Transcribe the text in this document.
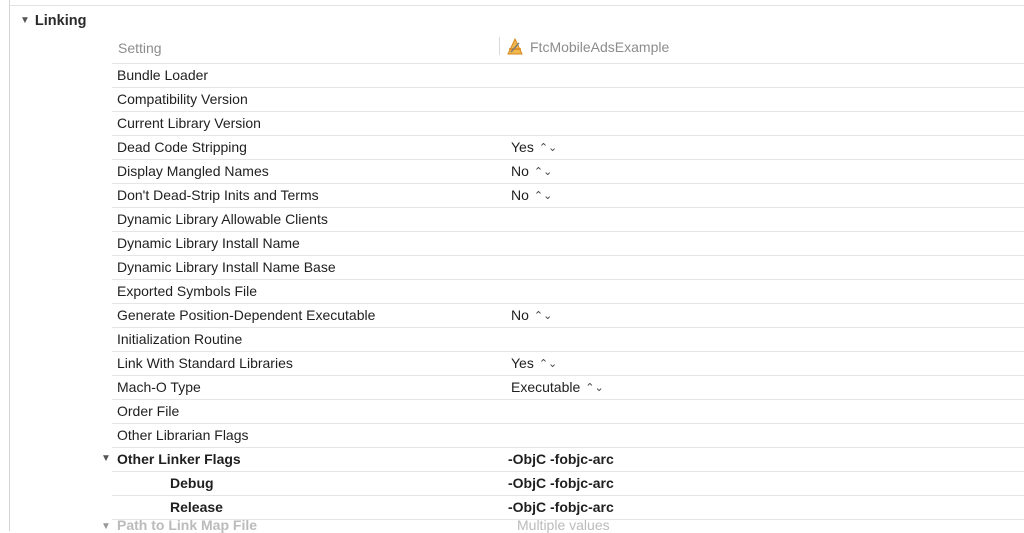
▼ Linking
Setting	FtcMobileAdsExample
Bundle Loader
Compatibility Version
Current Library Version
Dead Code Stripping	Yes ⌃⌄
Display Mangled Names	No ⌃⌄
Don't Dead-Strip Inits and Terms	No ⌃⌄
Dynamic Library Allowable Clients
Dynamic Library Install Name
Dynamic Library Install Name Base
Exported Symbols File
Generate Position-Dependent Executable	No ⌃⌄
Initialization Routine
Link With Standard Libraries	Yes ⌃⌄
Mach-O Type	Executable ⌃⌄
Order File
Other Librarian Flags
▼ Other Linker Flags	-ObjC -fobjc-arc
Debug	-ObjC -fobjc-arc
Release	-ObjC -fobjc-arc
▼ Path to Link Map File	Multiple values
